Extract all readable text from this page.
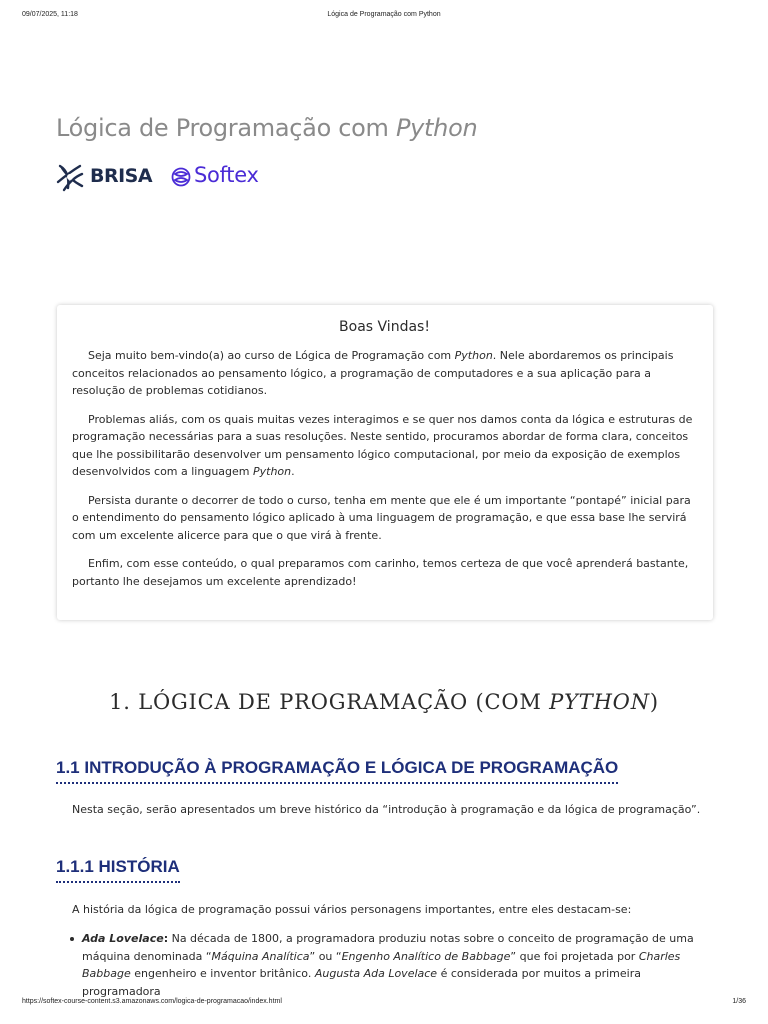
09/07/2025, 11:18	Lógica de Programação com Python
Lógica de Programação com Python
BRISA Softex
Boas Vindas!

Seja muito bem-vindo(a) ao curso de Lógica de Programação com Python. Nele abordaremos os principais conceitos relacionados ao pensamento lógico, a programação de computadores e a sua aplicação para a resolução de problemas cotidianos.

Problemas aliás, com os quais muitas vezes interagimos e se quer nos damos conta da lógica e estruturas de programação necessárias para a suas resoluções. Neste sentido, procuramos abordar de forma clara, conceitos que lhe possibilitarão desenvolver um pensamento lógico computacional, por meio da exposição de exemplos desenvolvidos com a linguagem Python.

Persista durante o decorrer de todo o curso, tenha em mente que ele é um importante “pontapé” inicial para o entendimento do pensamento lógico aplicado à uma linguagem de programação, e que essa base lhe servirá com um excelente alicerce para que o que virá à frente.

Enfim, com esse conteúdo, o qual preparamos com carinho, temos certeza de que você aprenderá bastante, portanto lhe desejamos um excelente aprendizado!

1. LÓGICA DE PROGRAMAÇÃO (COM PYTHON)
1.1 INTRODUÇÃO À PROGRAMAÇÃO E LÓGICA DE PROGRAMAÇÃO

Nesta seção, serão apresentados um breve histórico da “introdução à programação e da lógica de programação”.

1.1.1 HISTÓRIA

A história da lógica de programação possui vários personagens importantes, entre eles destacam-se:

Ada Lovelace: Na década de 1800, a programadora produziu notas sobre o conceito de programação de uma máquina denominada “Máquina Analítica” ou “Engenho Analítico de Babbage” que foi projetada por Charles Babbage engenheiro e inventor britânico. Augusta Ada Lovelace é considerada por muitos a primeira programadora
https://softex-course-content.s3.amazonaws.com/logica-de-programacao/index.html	1/36
